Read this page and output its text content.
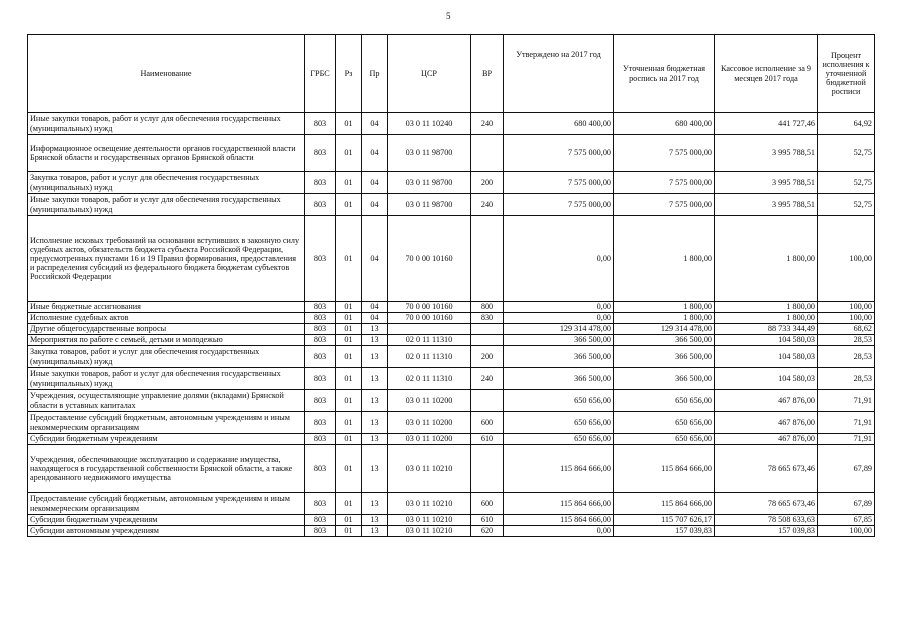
5
Наименование	ГРБС	Рз	Пр	ЦСР	ВР	Утверждено на 2017 год	Уточненная бюджетная роспись на 2017 год	Кассовое исполнение за 9 месяцев 2017 года	Процент исполнения к уточненной бюджетной росписи
Иные закупки товаров, работ и услуг для обеспечения государственных (муниципальных) нужд	803	01	04	03 0 11 10240	240	680 400,00	680 400,00	441 727,46	64,92
Информационное освещение деятельности органов государственной власти Брянской области и государственных органов Брянской области	803	01	04	03 0 11 98700		7 575 000,00	7 575 000,00	3 995 788,51	52,75
Закупка товаров, работ и услуг для обеспечения государственных (муниципальных) нужд	803	01	04	03 0 11 98700	200	7 575 000,00	7 575 000,00	3 995 788,51	52,75
Иные закупки товаров, работ и услуг для обеспечения государственных (муниципальных) нужд	803	01	04	03 0 11 98700	240	7 575 000,00	7 575 000,00	3 995 788,51	52,75
Исполнение исковых требований на основании вступивших в законную силу судебных актов, обязательств бюджета субъекта Российской Федерации, предусмотренных пунктами 16 и 19 Правил формирования, предоставления и распределения субсидий из федерального бюджета бюджетам субъектов Российской Федерации	803	01	04	70 0 00 10160		0,00	1 800,00	1 800,00	100,00
Иные бюджетные ассигнования	803	01	04	70 0 00 10160	800	0,00	1 800,00	1 800,00	100,00
Исполнение судебных актов	803	01	04	70 0 00 10160	830	0,00	1 800,00	1 800,00	100,00
Другие общегосударственные вопросы	803	01	13			129 314 478,00	129 314 478,00	88 733 344,49	68,62
Мероприятия по работе с семьей, детьми и молодежью	803	01	13	02 0 11 11310		366 500,00	366 500,00	104 580,03	28,53
Закупка товаров, работ и услуг для обеспечения государственных (муниципальных) нужд	803	01	13	02 0 11 11310	200	366 500,00	366 500,00	104 580,03	28,53
Иные закупки товаров, работ и услуг для обеспечения государственных (муниципальных) нужд	803	01	13	02 0 11 11310	240	366 500,00	366 500,00	104 580,03	28,53
Учреждения, осуществляющие управление долями (вкладами) Брянской области в уставных капиталах	803	01	13	03 0 11 10200		650 656,00	650 656,00	467 876,00	71,91
Предоставление субсидий бюджетным, автономным учреждениям и иным некоммерческим организациям	803	01	13	03 0 11 10200	600	650 656,00	650 656,00	467 876,00	71,91
Субсидии бюджетным учреждениям	803	01	13	03 0 11 10200	610	650 656,00	650 656,00	467 876,00	71,91
Учреждения, обеспечивающие эксплуатацию и содержание имущества, находящегося в государственной собственности Брянской области, а также арендованного недвижимого имущества	803	01	13	03 0 11 10210		115 864 666,00	115 864 666,00	78 665 673,46	67,89
Предоставление субсидий бюджетным, автономным учреждениям и иным некоммерческим организациям	803	01	13	03 0 11 10210	600	115 864 666,00	115 864 666,00	78 665 673,46	67,89
Субсидии бюджетным учреждениям	803	01	13	03 0 11 10210	610	115 864 666,00	115 707 626,17	78 508 633,63	67,85
Субсидии автономным учреждениям	803	01	13	03 0 11 10210	620	0,00	157 039,83	157 039,83	100,00
